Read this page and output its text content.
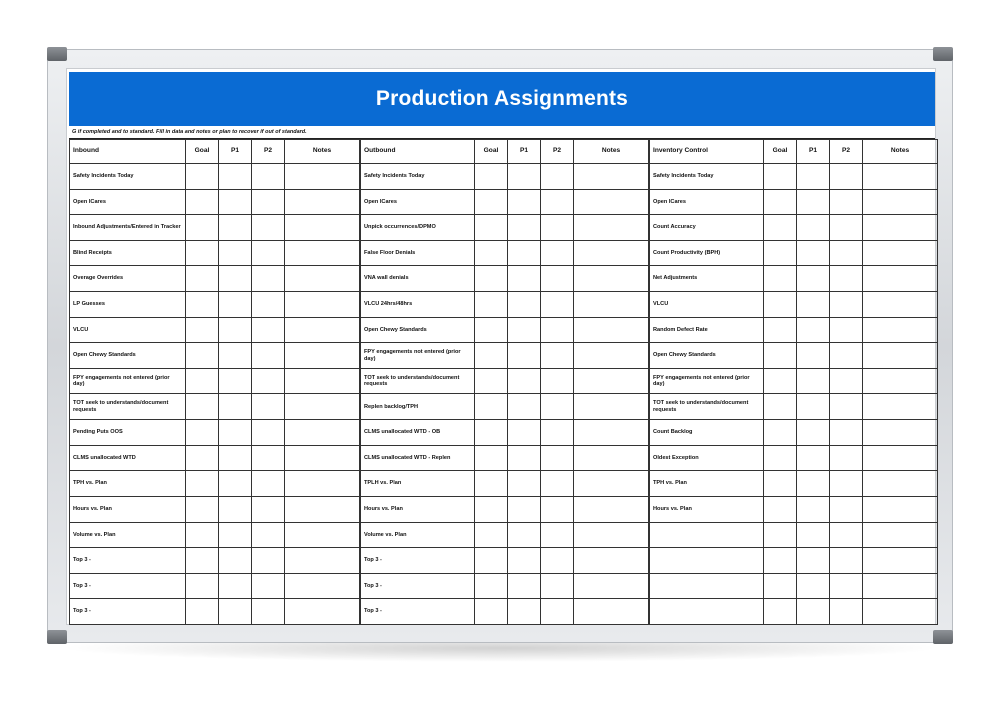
Production Assignments
G if completed and to standard. Fill in data and notes or plan to recover if out of standard.
Inbound	Goal	P1	P2	Notes
Safety Incidents Today				
Open ICares				
Inbound Adjustments/Entered in Tracker				
Blind Receipts				
Overage Overrides				
LP Guesses				
VLCU				
Open Chewy Standards				
FPY engagements not entered (prior day)				
TOT seek to understands/document requests				
Pending Puts OOS				
CLMS unallocated WTD				
TPH vs. Plan				
Hours vs. Plan				
Volume vs. Plan				
Top 3 -				
Top 3 -				
Top 3 -				
Outbound	Goal	P1	P2	Notes
Safety Incidents Today				
Open ICares				
Unpick occurrences/DPMO				
False Floor Denials				
VNA wall denials				
VLCU 24hrs/48hrs				
Open Chewy Standards				
FPY engagements not entered (prior day)				
TOT seek to understands/document requests				
Replen backlog/TPH				
CLMS unallocated WTD - OB				
CLMS unallocated WTD - Replen				
TPLH vs. Plan				
Hours vs. Plan				
Volume vs. Plan				
Top 3 -				
Top 3 -				
Top 3 -				
Inventory Control	Goal	P1	P2	Notes
Safety Incidents Today				
Open ICares				
Count Accuracy				
Count Productivity (BPH)				
Net Adjustments				
VLCU				
Random Defect Rate				
Open Chewy Standards				
FPY engagements not entered (prior day)				
TOT seek to understands/document requests				
Count Backlog				
Oldest Exception				
TPH vs. Plan				
Hours vs. Plan				
